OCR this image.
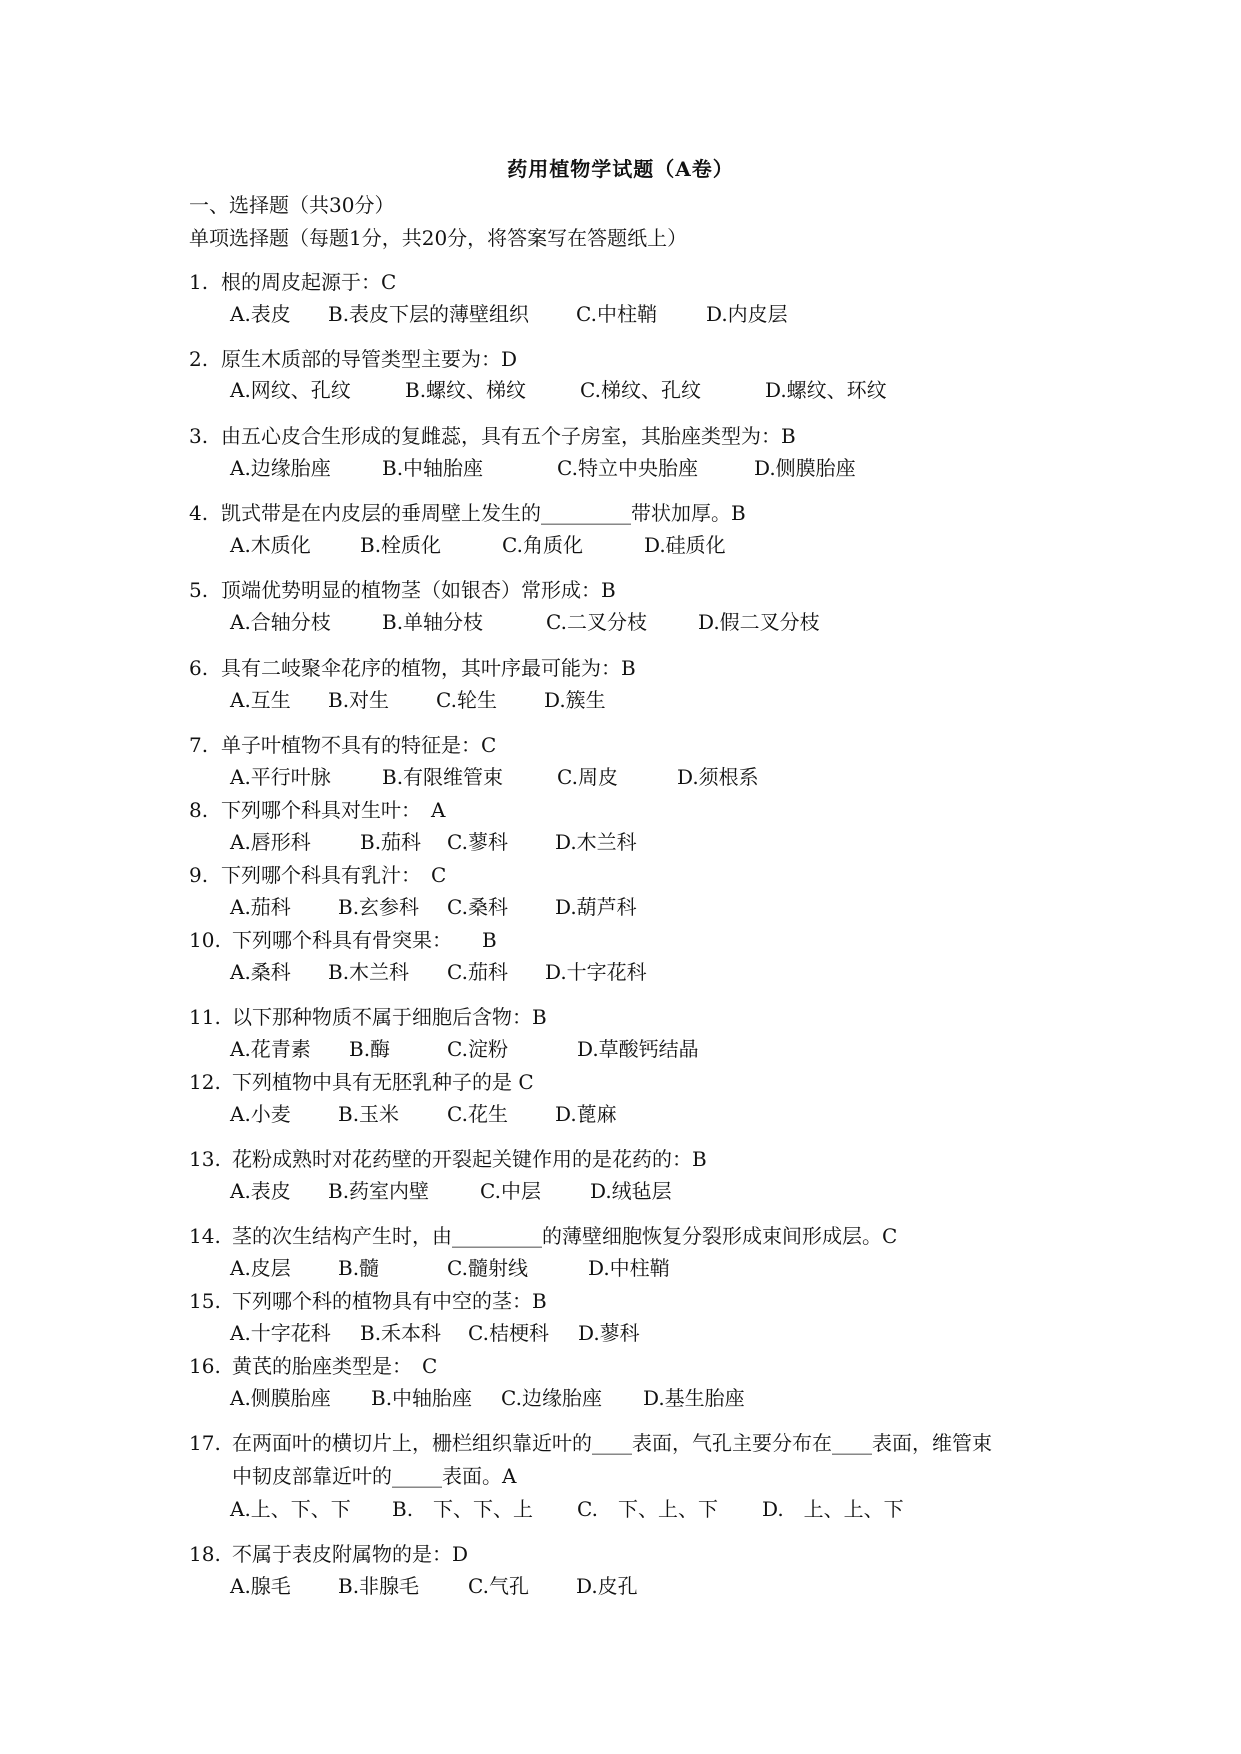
药用植物学试题（A卷）
一、选择题（共30分）
单项选择题（每题1分，共20分，将答案写在答题纸上）
1. 根的周皮起源于：C
A.表皮 B.表皮下层的薄壁组织 C.中柱鞘 D.内皮层
2. 原生木质部的导管类型主要为：D
A.网纹、孔纹	B.螺纹、梯纹	C.梯纹、孔纹	D.螺纹、环纹
3. 由五心皮合生形成的复雌蕊，具有五个子房室，其胎座类型为：B
A.边缘胎座	B.中轴胎座	C.特立中央胎座	D.侧膜胎座
4. 凯式带是在内皮层的垂周壁上发生的_________带状加厚。B
A.木质化 B.栓质化	C.角质化	D.硅质化
5. 顶端优势明显的植物茎（如银杏）常形成：B
A.合轴分枝	B.单轴分枝	C.二叉分枝	D.假二叉分枝
6. 具有二岐聚伞花序的植物，其叶序最可能为：B
A.互生 B.对生 C.轮生 D.簇生
7. 单子叶植物不具有的特征是：C
A.平行叶脉	B.有限维管束	C.周皮	D.须根系
8. 下列哪个科具对生叶：　A
A.唇形科 B.茄科 C.蓼科 D.木兰科
9. 下列哪个科具有乳汁：　C
A.茄科 B.玄参科 C.桑科 D.葫芦科
10. 下列哪个科具有骨突果：　　B
A.桑科 B.木兰科 C.茄科 D.十字花科
11. 以下那种物质不属于细胞后含物：B
A.花青素 B.酶	C.淀粉	D.草酸钙结晶
12. 下列植物中具有无胚乳种子的是 C
A.小麦 B.玉米 C.花生 D.蓖麻
13. 花粉成熟时对花药壁的开裂起关键作用的是花药的：B
A.表皮 B.药室内壁	C.中层 D.绒毡层
14. 茎的次生结构产生时，由_________的薄壁细胞恢复分裂形成束间形成层。C
A.皮层 B.髓	C.髓射线	D.中柱鞘
15. 下列哪个科的植物具有中空的茎：B
A.十字花科 B.禾本科 C.桔梗科 D.蓼科
16. 黄芪的胎座类型是：　C
A.侧膜胎座 B.中轴胎座 C.边缘胎座 D.基生胎座
17. 在两面叶的横切片上，栅栏组织靠近叶的____表面，气孔主要分布在____表面，维管束
中韧皮部靠近叶的_____表面。A
A.上、下、下 B.　下、下、上 C.　下、上、下 D.　上、上、下
18. 不属于表皮附属物的是：D
A.腺毛 B.非腺毛 C.气孔 D.皮孔
